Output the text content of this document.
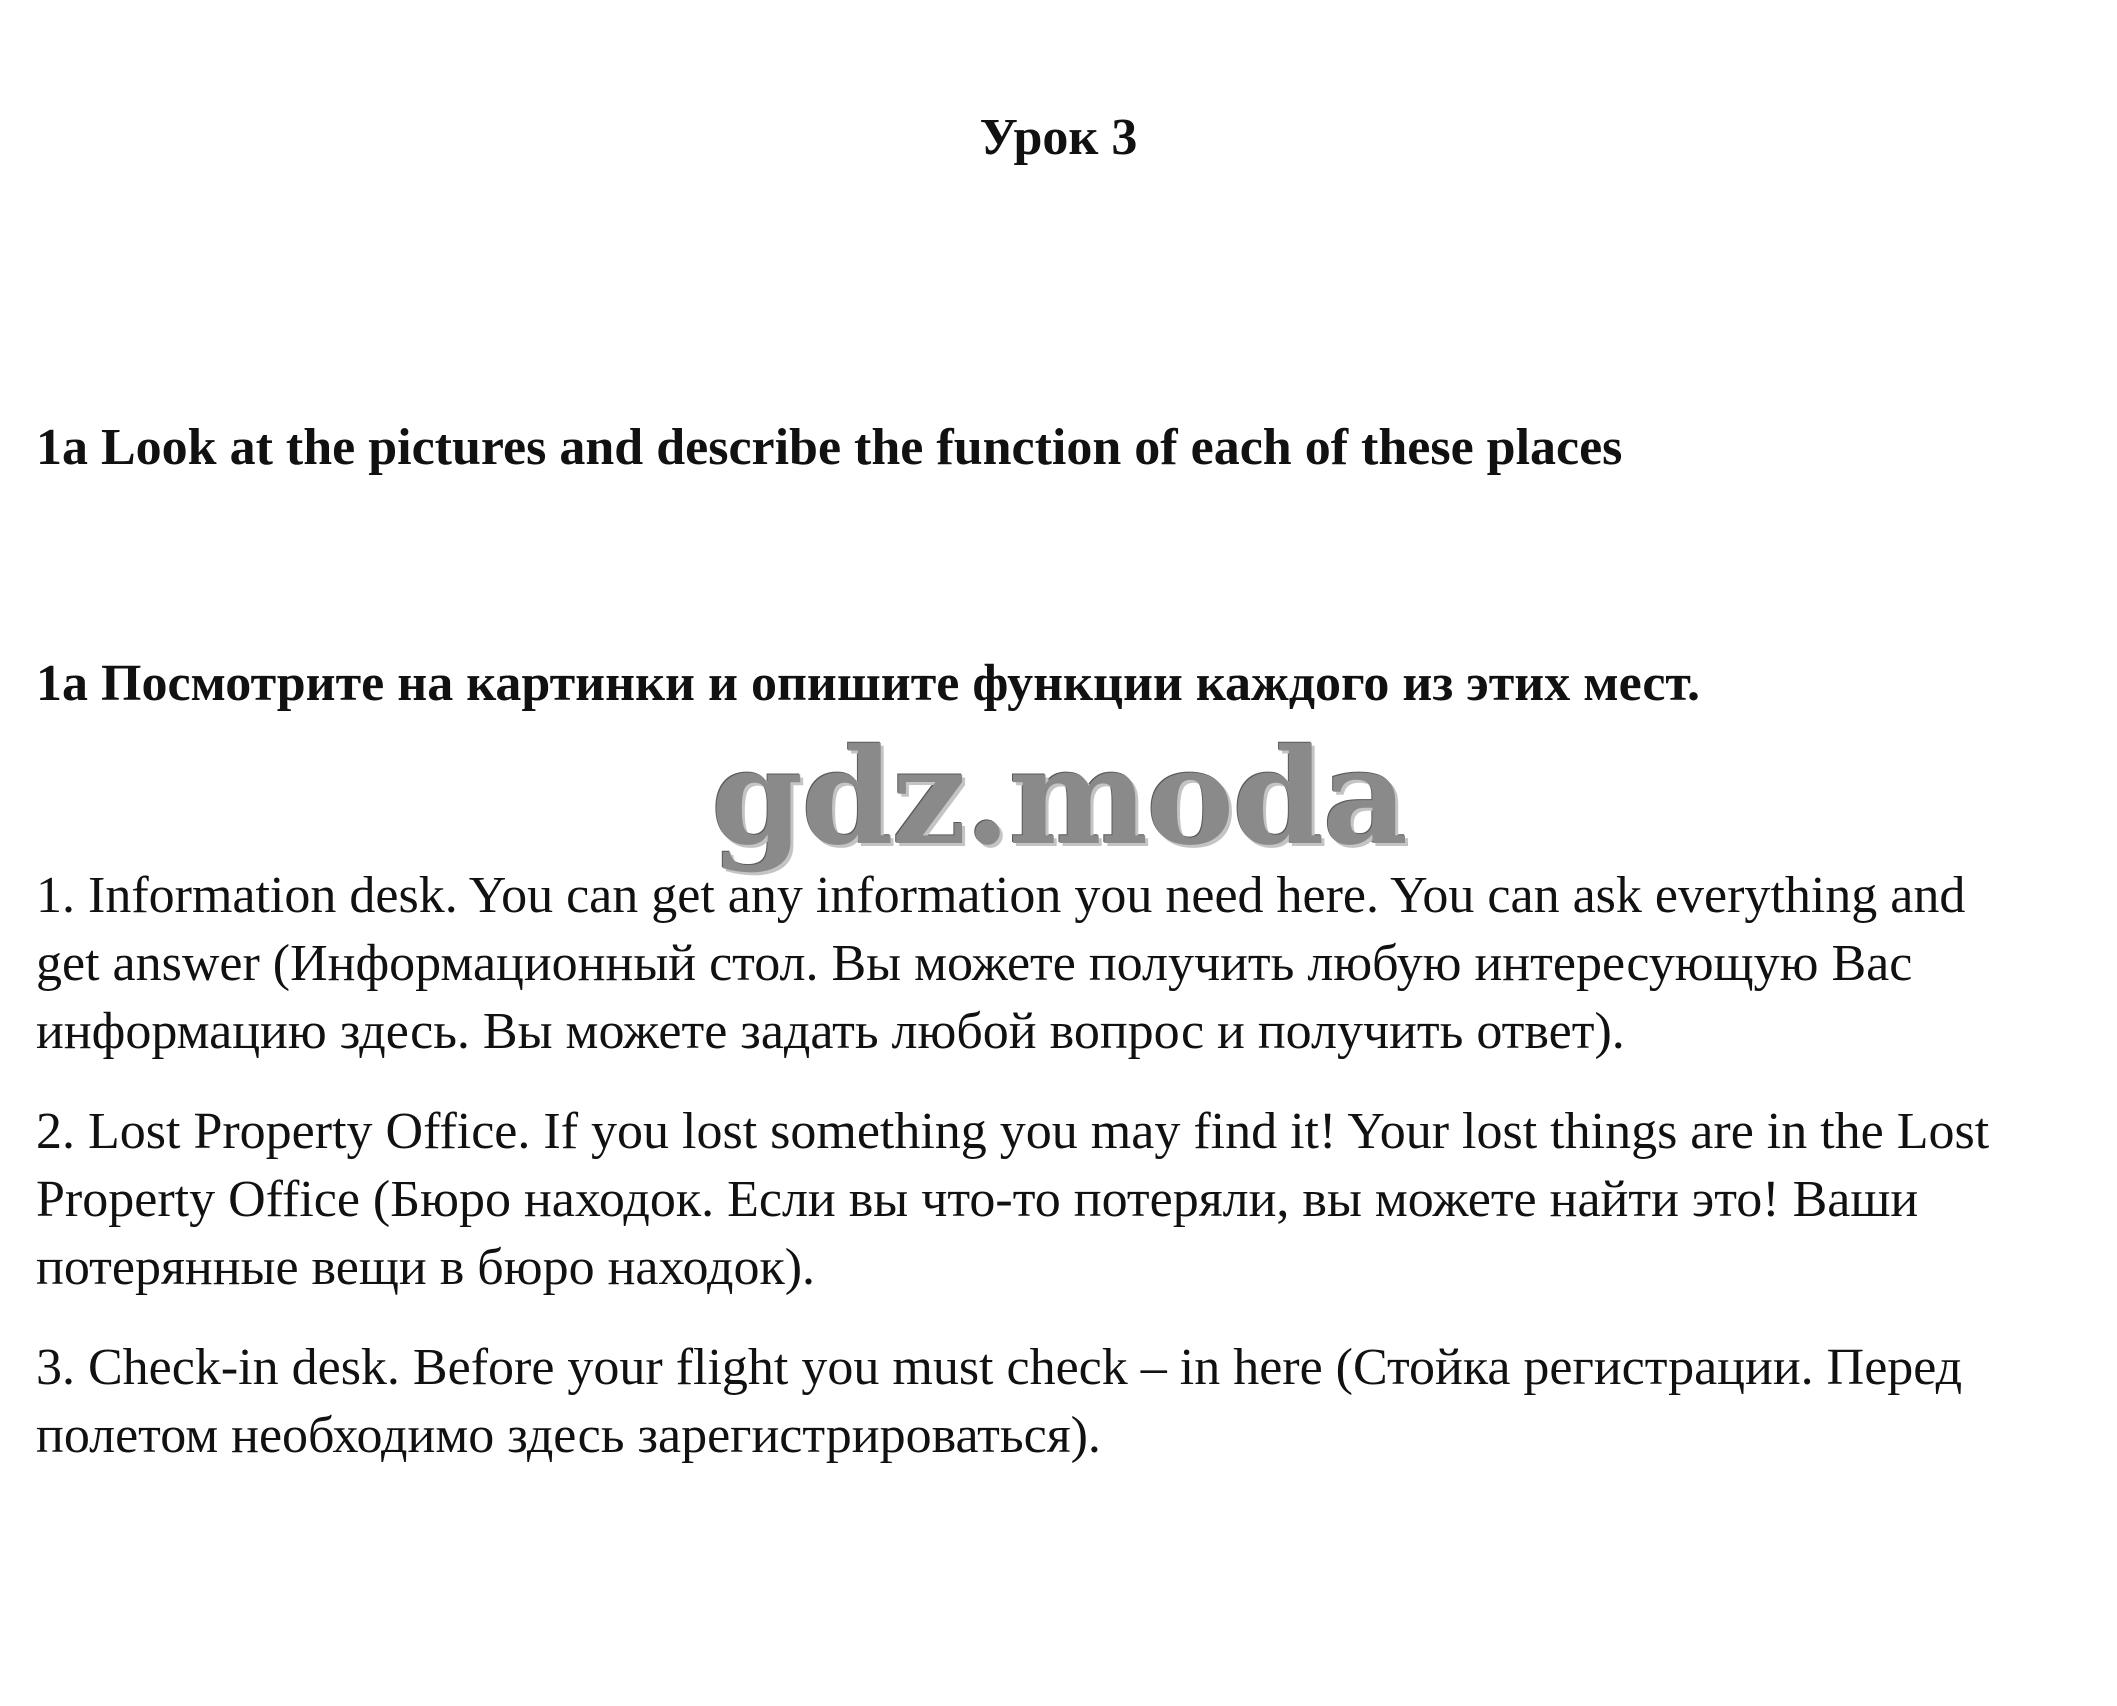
Урок 3
1a Look at the pictures and describe the function of each of these places
1a Посмотрите на картинки и опишите функции каждого из этих мест.
gdz.moda

1. Information desk. You can get any information you need here. You can ask everything and get answer (Информационный стол. Вы можете получить любую интересующую Вас информацию здесь. Вы можете задать любой вопрос и получить ответ).

2. Lost Property Office. If you lost something you may find it! Your lost things are in the Lost Property Office (Бюро находок. Если вы что-то потеряли, вы можете найти это! Ваши потерянные вещи в бюро находок).

3. Check-in desk. Before your flight you must check – in here (Стойка регистрации. Перед полетом необходимо здесь зарегистрироваться).
